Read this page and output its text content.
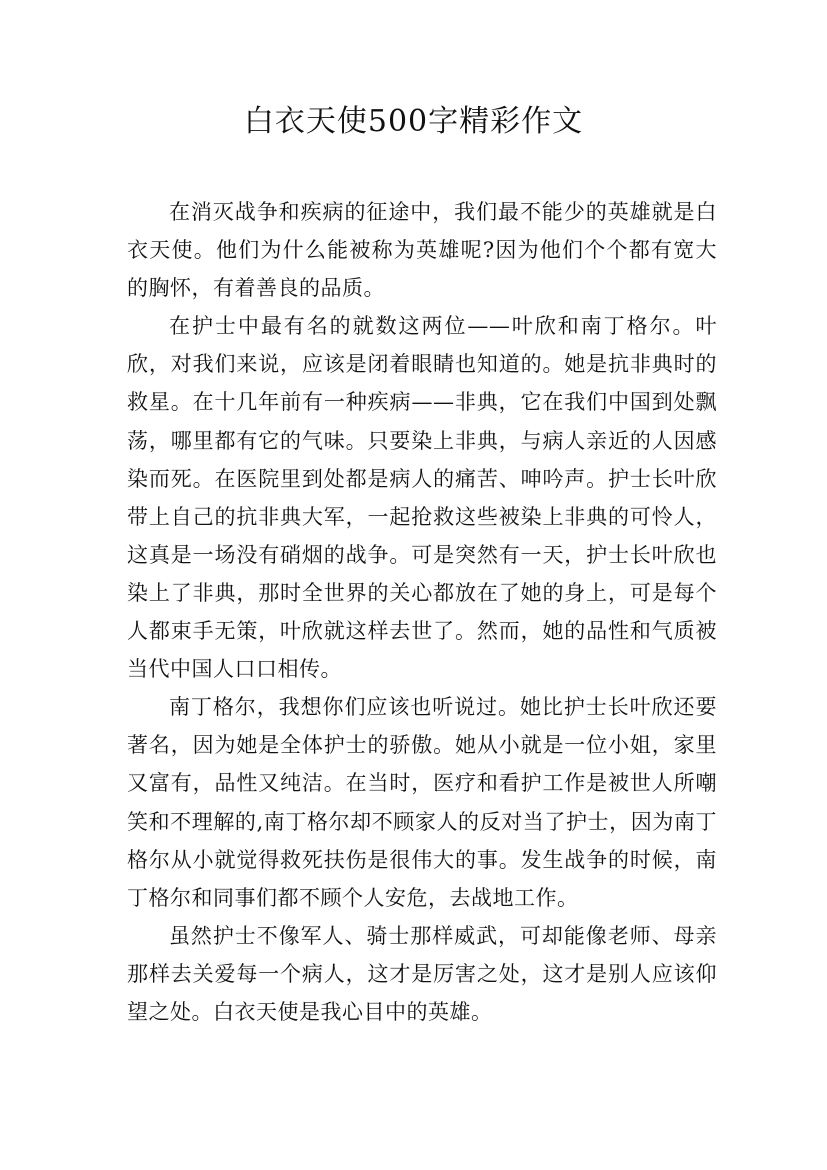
白衣天使500字精彩作文

在消灭战争和疾病的征途中，我们最不能少的英雄就是白衣天使。他们为什么能被称为英雄呢?因为他们个个都有宽大的胸怀，有着善良的品质。

在护士中最有名的就数这两位——叶欣和南丁格尔。叶欣，对我们来说，应该是闭着眼睛也知道的。她是抗非典时的救星。在十几年前有一种疾病——非典，它在我们中国到处飘荡，哪里都有它的气味。只要染上非典，与病人亲近的人因感染而死。在医院里到处都是病人的痛苦、呻吟声。护士长叶欣带上自己的抗非典大军，一起抢救这些被染上非典的可怜人，这真是一场没有硝烟的战争。可是突然有一天，护士长叶欣也染上了非典，那时全世界的关心都放在了她的身上，可是每个人都束手无策，叶欣就这样去世了。然而，她的品性和气质被当代中国人口口相传。

南丁格尔，我想你们应该也听说过。她比护士长叶欣还要著名，因为她是全体护士的骄傲。她从小就是一位小姐，家里又富有，品性又纯洁。在当时，医疗和看护工作是被世人所嘲笑和不理解的,南丁格尔却不顾家人的反对当了护士，因为南丁格尔从小就觉得救死扶伤是很伟大的事。发生战争的时候，南丁格尔和同事们都不顾个人安危，去战地工作。

虽然护士不像军人、骑士那样威武，可却能像老师、母亲那样去关爱每一个病人，这才是厉害之处，这才是别人应该仰望之处。白衣天使是我心目中的英雄。
